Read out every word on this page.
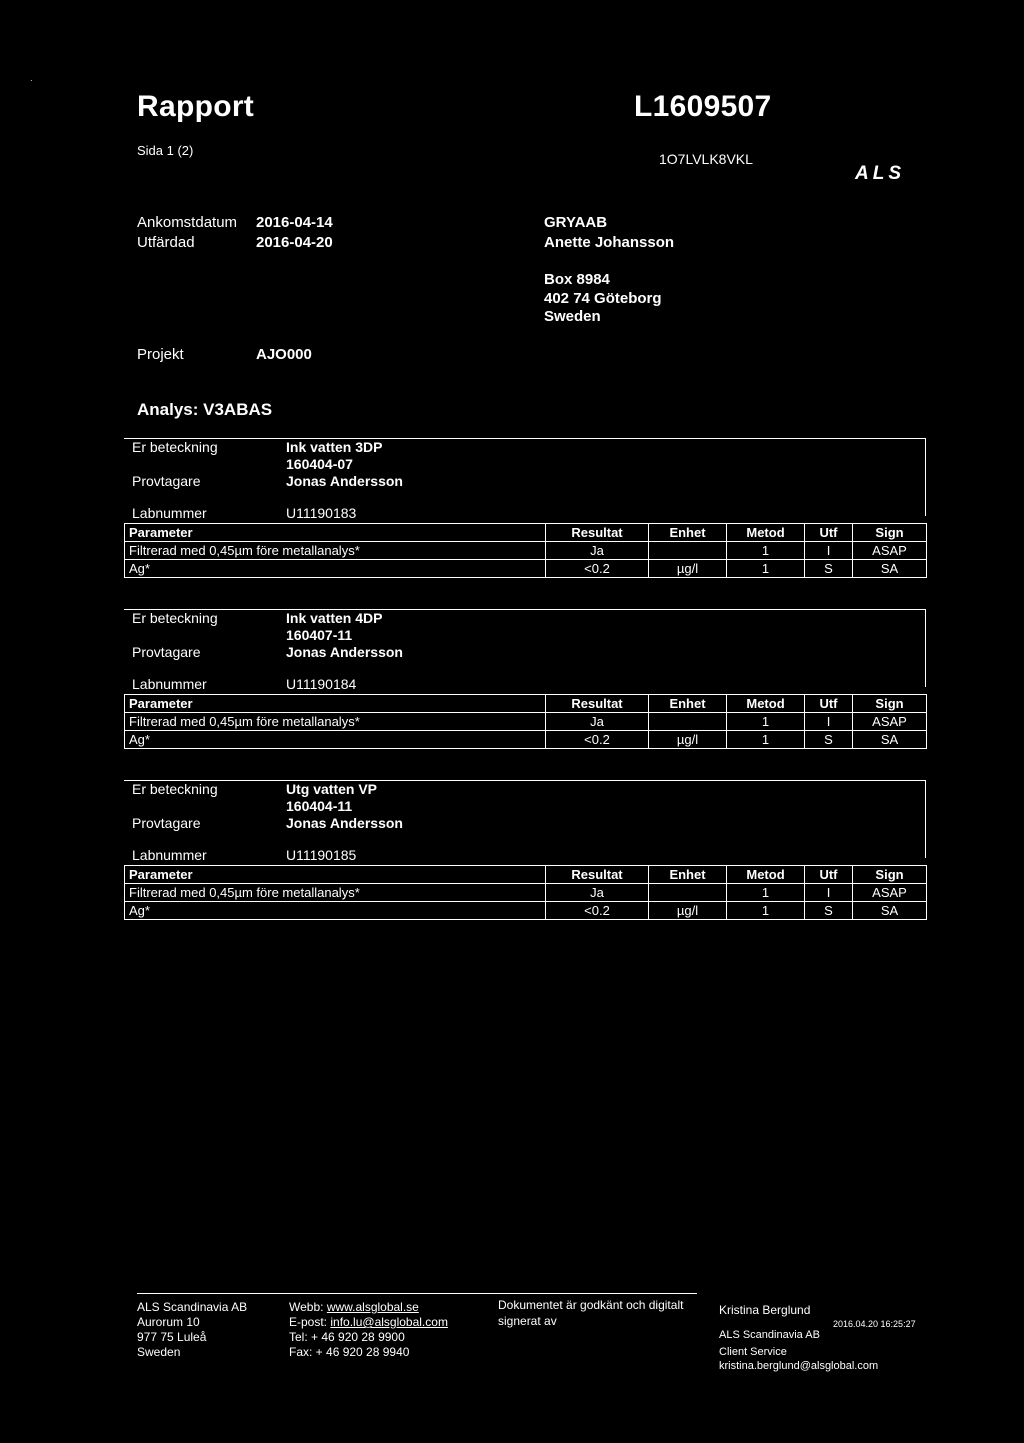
·
Rapport	L1609507
Sida 1 (2)
1O7LVLK8VKL
ALS
Ankomstdatum 2016-04-14
Utfärdad	2016-04-20
Projekt	AJO000
GRYAAB
Anette Johansson
Box 8984
402 74 Göteborg
Sweden
Analys: V3ABAS
Er beteckning	Ink vatten 3DP
160404-07
Provtagare	Jonas Andersson
Labnummer	U11190183
Parameter	Resultat	Enhet	Metod	Utf	Sign
Filtrerad med 0,45µm före metallanalys*	Ja		1	I	ASAP
Ag*	<0.2	µg/l	1	S	SA
Er beteckning	Ink vatten 4DP
160407-11
Provtagare	Jonas Andersson
Labnummer	U11190184
Parameter	Resultat	Enhet	Metod	Utf	Sign
Filtrerad med 0,45µm före metallanalys*	Ja		1	I	ASAP
Ag*	<0.2	µg/l	1	S	SA
Er beteckning	Utg vatten VP
160404-11
Provtagare	Jonas Andersson
Labnummer	U11190185
Parameter	Resultat	Enhet	Metod	Utf	Sign
Filtrerad med 0,45µm före metallanalys*	Ja		1	I	ASAP
Ag*	<0.2	µg/l	1	S	SA
ALS Scandinavia AB
Aurorum 10
977 75 Luleå
Sweden
Webb: www.alsglobal.se
E-post: info.lu@alsglobal.com
Tel: + 46 920 28 9900
Fax: + 46 920 28 9940
Dokumentet är godkänt och digitalt
signerat av
Kristina Berglund
2016.04.20 16:25:27
ALS Scandinavia AB
Client Service
kristina.berglund@alsglobal.com
